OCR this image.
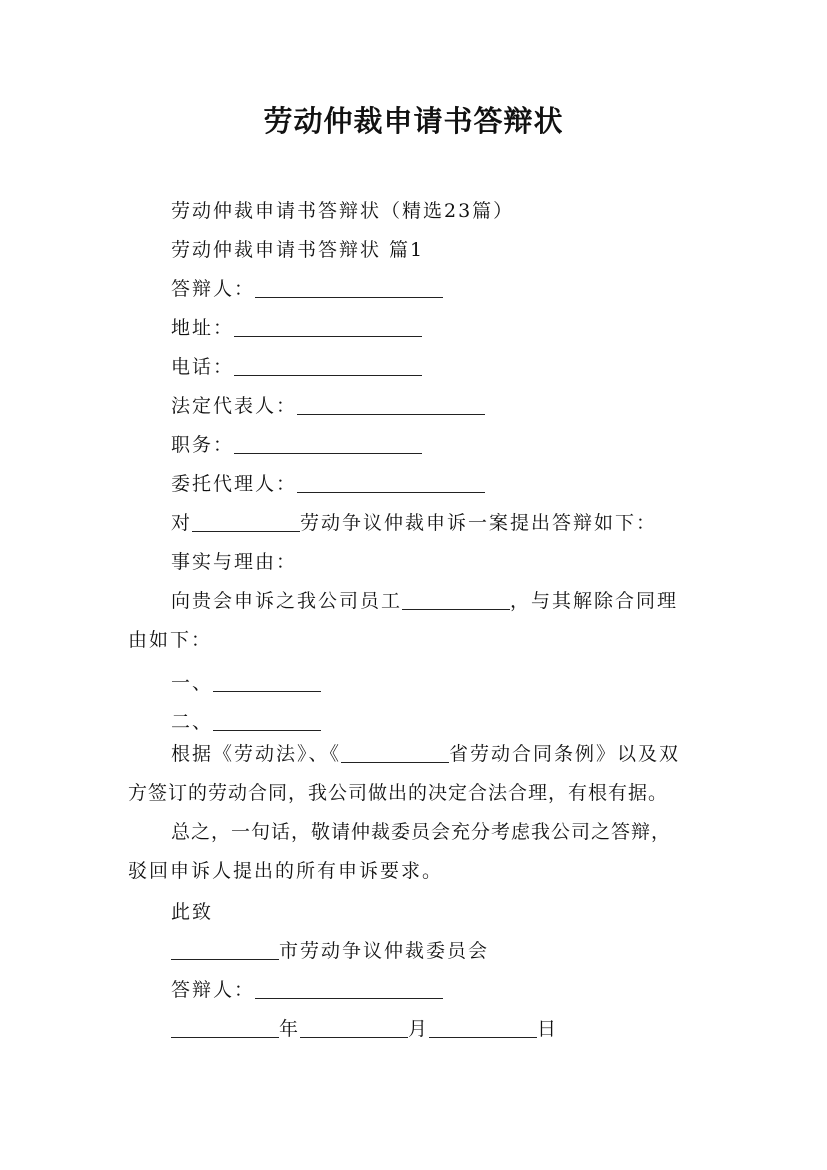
劳动仲裁申请书答辩状
劳动仲裁申请书答辩状（精选23篇）
劳动仲裁申请书答辩状 篇1
答辩人：
地址：
电话：
法定代表人：
职务：
委托代理人：
对	劳动争议仲裁申诉一案提出答辩如下：
事实与理由：
向贵会申诉之我公司员工	，与其解除合同理
由如下：
一、
二、
根据《劳动法》、《	省劳动合同条例》以及双
方签订的劳动合同，我公司做出的决定合法合理，有根有据。
总之，一句话，敬请仲裁委员会充分考虑我公司之答辩，
驳回申诉人提出的所有申诉要求。
此致
市劳动争议仲裁委员会
答辩人：
年	月	日
